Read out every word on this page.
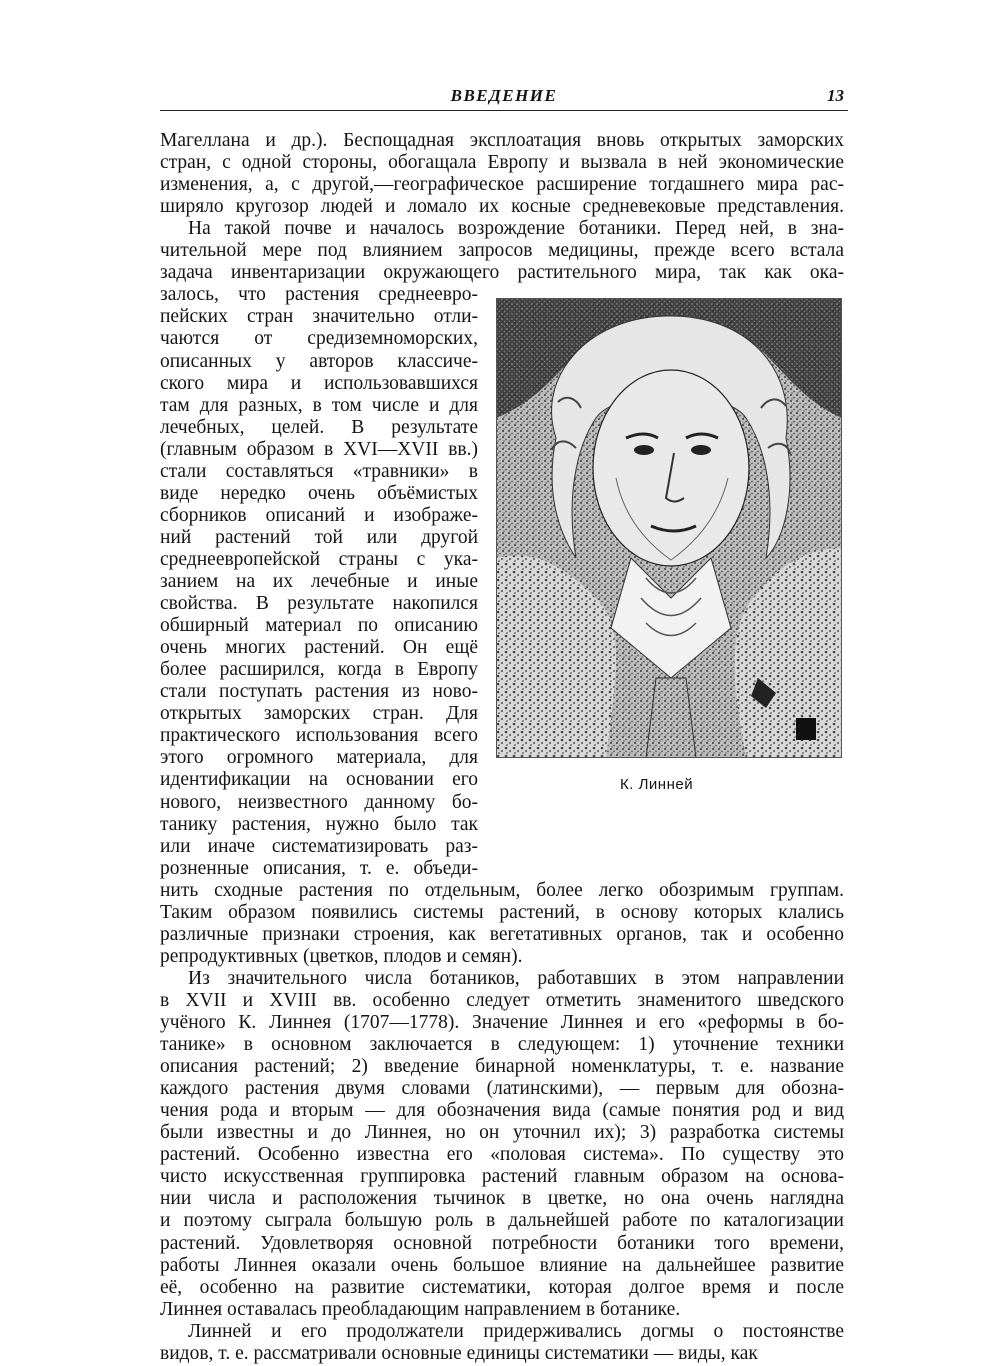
ВВЕДЕНИЕ	13
Магеллана и др.). Беспощадная эксплоатация вновь открытых заморских
стран, с одной стороны, обогащала Европу и вызвала в ней экономические
изменения, а, с другой,—географическое расширение тогдашнего мира рас-
ширяло кругозор людей и ломало их косные средневековые представления.
На такой почве и началось возрождение ботаники. Перед ней, в зна-
чительной мере под влиянием запросов медицины, прежде всего встала
задача инвентаризации окружающего растительного мира, так как ока-
залось, что растения среднеевро-
пейских стран значительно отли-
чаются от средиземноморских,
описанных у авторов классиче-
ского мира и использовавшихся
там для разных, в том числе и для
лечебных, целей. В результате
(главным образом в XVI—XVII вв.)
стали составляться «травники» в
виде нередко очень объёмистых
сборников описаний и изображе-
ний растений той или другой
среднеевропейской страны с ука-
занием на их лечебные и иные
свойства. В результате накопился
обширный материал по описанию
очень многих растений. Он ещё
более расширился, когда в Европу
стали поступать растения из ново-
открытых заморских стран. Для
практического использования всего
этого огромного материала, для
идентификации на основании его
нового, неизвестного данному бо-
танику растения, нужно было так
или иначе систематизировать раз-
розненные описания, т. е. объеди-
нить сходные растения по отдельным, более легко обозримым группам.
Таким образом появились системы растений, в основу которых клались
различные признаки строения, как вегетативных органов, так и особенно
репродуктивных (цветков, плодов и семян).
Из значительного числа ботаников, работавших в этом направлении
в XVII и XVIII вв. особенно следует отметить знаменитого шведского
учёного К. Линнея (1707—1778). Значение Линнея и его «реформы в бо-
танике» в основном заключается в следующем: 1) уточнение техники
описания растений; 2) введение бинарной номенклатуры, т. е. название
каждого растения двумя словами (латинскими), — первым для обозна-
чения рода и вторым — для обозначения вида (самые понятия род и вид
были известны и до Линнея, но он уточнил их); 3) разработка системы
растений. Особенно известна его «половая система». По существу это
чисто искусственная группировка растений главным образом на основа-
нии числа и расположения тычинок в цветке, но она очень наглядна
и поэтому сыграла большую роль в дальнейшей работе по каталогизации
растений. Удовлетворяя основной потребности ботаники того времени,
работы Линнея оказали очень большое влияние на дальнейшее развитие
её, особенно на развитие систематики, которая долгое время и после
Линнея оставалась преобладающим направлением в ботанике.
Линней и его продолжатели придерживались догмы о постоянстве
видов, т. е. рассматривали основные единицы систематики — виды, как
К. Линней
